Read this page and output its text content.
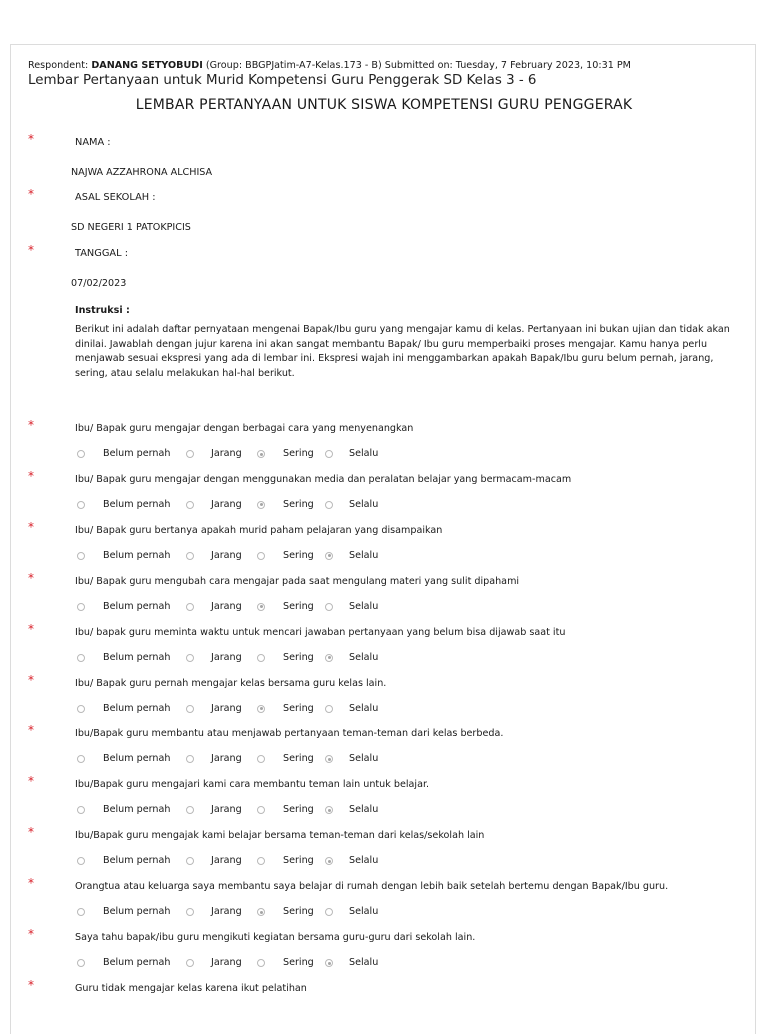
Respondent: DANANG SETYOBUDI (Group: BBGPJatim-A7-Kelas.173 - B) Submitted on: Tuesday, 7 February 2023, 10:31 PM
Lembar Pertanyaan untuk Murid Kompetensi Guru Penggerak SD Kelas 3 - 6
LEMBAR PERTANYAAN UNTUK SISWA KOMPETENSI GURU PENGGERAK
*	NAMA :
NAJWA AZZAHRONA ALCHISA
*	ASAL SEKOLAH :
SD NEGERI 1 PATOKPICIS
*	TANGGAL :
07/02/2023
Instruksi :
Berikut ini adalah daftar pernyataan mengenai Bapak/Ibu guru yang mengajar kamu di kelas. Pertanyaan ini bukan ujian dan tidak akan dinilai. Jawablah dengan jujur karena ini akan sangat membantu Bapak/ Ibu guru memperbaiki proses mengajar. Kamu hanya perlu menjawab sesuai ekspresi yang ada di lembar ini. Ekspresi wajah ini menggambarkan apakah Bapak/Ibu guru belum pernah, jarang, sering, atau selalu melakukan hal-hal berikut.
*	Ibu/ Bapak guru mengajar dengan berbagai cara yang menyenangkan
Belum pernah	Jarang	Sering	Selalu
*	Ibu/ Bapak guru mengajar dengan menggunakan media dan peralatan belajar yang bermacam-macam
Belum pernah	Jarang	Sering	Selalu
*	Ibu/ Bapak guru bertanya apakah murid paham pelajaran yang disampaikan
Belum pernah	Jarang	Sering	Selalu
*	Ibu/ Bapak guru mengubah cara mengajar pada saat mengulang materi yang sulit dipahami
Belum pernah	Jarang	Sering	Selalu
*	Ibu/ bapak guru meminta waktu untuk mencari jawaban pertanyaan yang belum bisa dijawab saat itu
Belum pernah	Jarang	Sering	Selalu
*	Ibu/ Bapak guru pernah mengajar kelas bersama guru kelas lain.
Belum pernah	Jarang	Sering	Selalu
*	Ibu/Bapak guru membantu atau menjawab pertanyaan teman-teman dari kelas berbeda.
Belum pernah	Jarang	Sering	Selalu
*	Ibu/Bapak guru mengajari kami cara membantu teman lain untuk belajar.
Belum pernah	Jarang	Sering	Selalu
*	Ibu/Bapak guru mengajak kami belajar bersama teman-teman dari kelas/sekolah lain
Belum pernah	Jarang	Sering	Selalu
*	Orangtua atau keluarga saya membantu saya belajar di rumah dengan lebih baik setelah bertemu dengan Bapak/Ibu guru.
Belum pernah	Jarang	Sering	Selalu
*	Saya tahu bapak/ibu guru mengikuti kegiatan bersama guru-guru dari sekolah lain.
Belum pernah	Jarang	Sering	Selalu
*	Guru tidak mengajar kelas karena ikut pelatihan
